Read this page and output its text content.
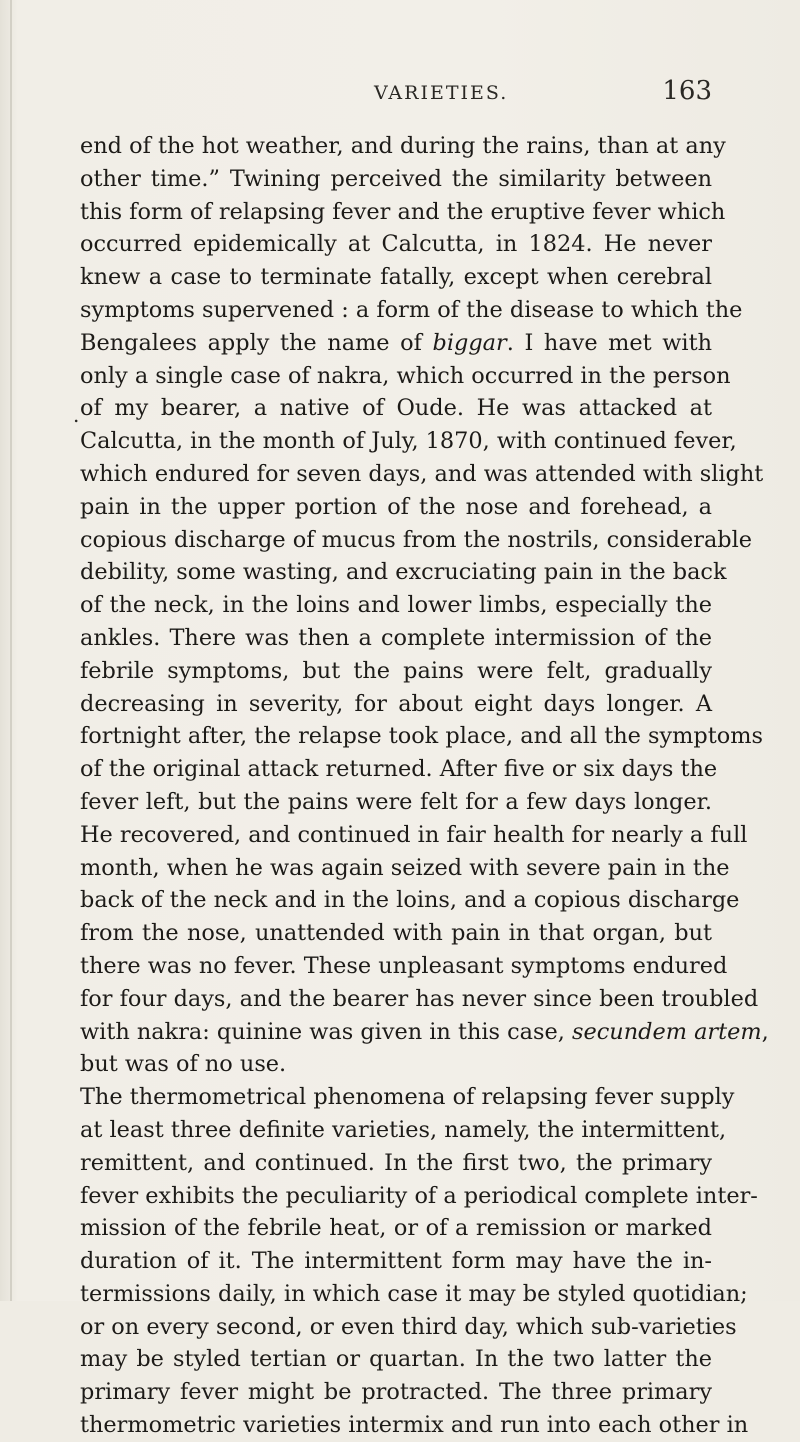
VARIETIES.	163
.
end of the hot weather, and during the rains, than at any
other time.” Twining perceived the similarity between
this form of relapsing fever and the eruptive fever which
occurred epidemically at Calcutta, in 1824. He never
knew a case to terminate fatally, except when cerebral
symptoms supervened : a form of the disease to which the
Bengalees apply the name of biggar. I have met with
only a single case of nakra, which occurred in the person
of my bearer, a native of Oude. He was attacked at
Calcutta, in the month of July, 1870, with continued fever,
which endured for seven days, and was attended with slight
pain in the upper portion of the nose and forehead, a
copious discharge of mucus from the nostrils, considerable
debility, some wasting, and excruciating pain in the back
of the neck, in the loins and lower limbs, especially the
ankles. There was then a complete intermission of the
febrile symptoms, but the pains were felt, gradually
decreasing in severity, for about eight days longer. A
fortnight after, the relapse took place, and all the symptoms
of the original attack returned. After five or six days the
fever left, but the pains were felt for a few days longer.
He recovered, and continued in fair health for nearly a full
month, when he was again seized with severe pain in the
back of the neck and in the loins, and a copious discharge
from the nose, unattended with pain in that organ, but
there was no fever. These unpleasant symptoms endured
for four days, and the bearer has never since been troubled
with nakra: quinine was given in this case, secundem artem,
but was of no use.
The thermometrical phenomena of relapsing fever supply
at least three definite varieties, namely, the intermittent,
remittent, and continued. In the first two, the primary
fever exhibits the peculiarity of a periodical complete inter-
mission of the febrile heat, or of a remission or marked
duration of it. The intermittent form may have the in-
termissions daily, in which case it may be styled quotidian;
or on every second, or even third day, which sub-varieties
may be styled tertian or quartan. In the two latter the
primary fever might be protracted. The three primary
thermometric varieties intermix and run into each other in
